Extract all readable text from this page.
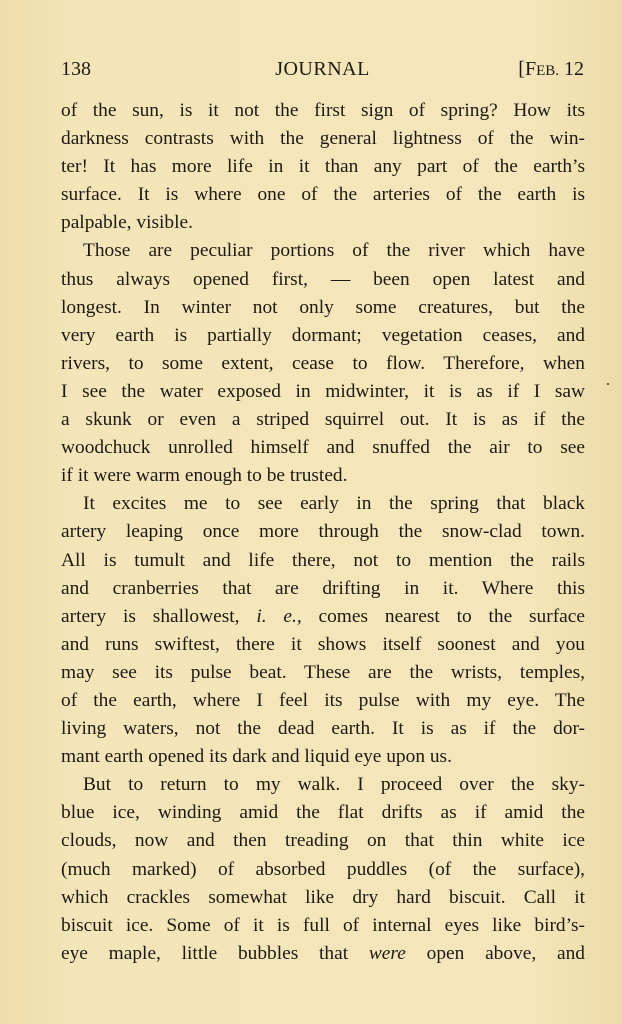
138	JOURNAL	[FEB. 12
of the sun, is it not the first sign of spring? How its
darkness contrasts with the general lightness of the win-
ter! It has more life in it than any part of the earth’s
surface. It is where one of the arteries of the earth is
palpable, visible.
Those are peculiar portions of the river which have
thus always opened first, — been open latest and
longest. In winter not only some creatures, but the
very earth is partially dormant; vegetation ceases, and
rivers, to some extent, cease to flow. Therefore, when
I see the water exposed in midwinter, it is as if I saw
a skunk or even a striped squirrel out. It is as if the
woodchuck unrolled himself and snuffed the air to see
if it were warm enough to be trusted.
It excites me to see early in the spring that black
artery leaping once more through the snow-clad town.
All is tumult and life there, not to mention the rails
and cranberries that are drifting in it. Where this
artery is shallowest, i. e., comes nearest to the surface
and runs swiftest, there it shows itself soonest and you
may see its pulse beat. These are the wrists, temples,
of the earth, where I feel its pulse with my eye. The
living waters, not the dead earth. It is as if the dor-
mant earth opened its dark and liquid eye upon us.
But to return to my walk. I proceed over the sky-
blue ice, winding amid the flat drifts as if amid the
clouds, now and then treading on that thin white ice
(much marked) of absorbed puddles (of the surface),
which crackles somewhat like dry hard biscuit. Call it
biscuit ice. Some of it is full of internal eyes like bird’s-
eye maple, little bubbles that were open above, and
